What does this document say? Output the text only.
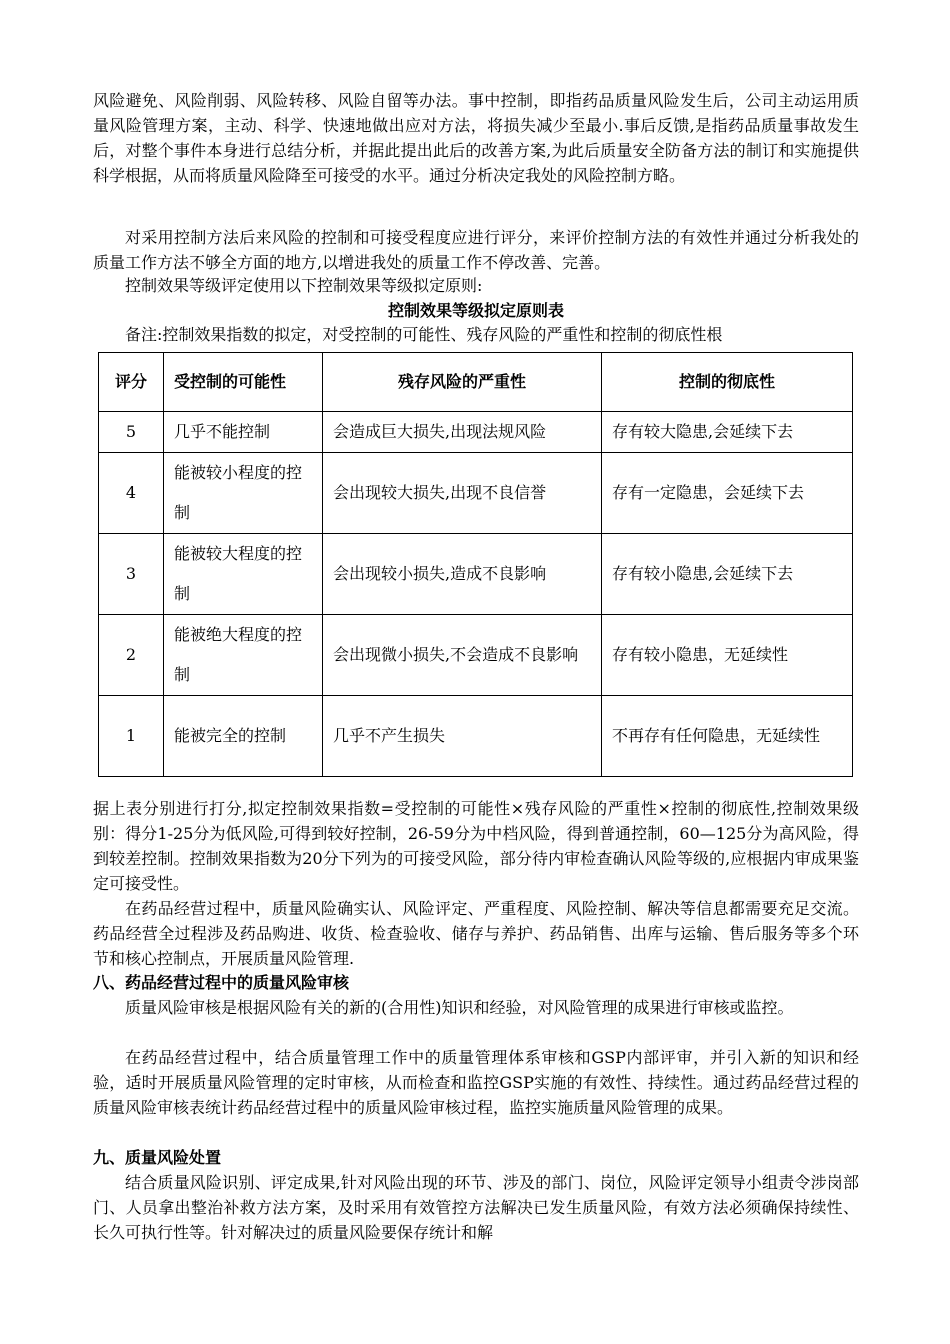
风险避免、风险削弱、风险转移、风险自留等办法。事中控制，即指药品质量风险发生后，公司主动运用质量风险管理方案，主动、科学、快速地做出应对方法，将损失减少至最小.事后反馈,是指药品质量事故发生后，对整个事件本身进行总结分析，并据此提出此后的改善方案,为此后质量安全防备方法的制订和实施提供科学根据，从而将质量风险降至可接受的水平。通过分析决定我处的风险控制方略。

对采用控制方法后来风险的控制和可接受程度应进行评分，来评价控制方法的有效性并通过分析我处的质量工作方法不够全方面的地方,以增进我处的质量工作不停改善、完善。

控制效果等级评定使用以下控制效果等级拟定原则:

控制效果等级拟定原则表

备注:控制效果指数的拟定，对受控制的可能性、残存风险的严重性和控制的彻底性根

评分	受控制的可能性	残存风险的严重性	控制的彻底性
5	几乎不能控制	会造成巨大损失,出现法规风险	存有较大隐患,会延续下去
4	能被较小程度的控制	会出现较大损失,出现不良信誉	存有一定隐患，会延续下去
3	能被较大程度的控制	会出现较小损失,造成不良影响	存有较小隐患,会延续下去
2	能被绝大程度的控制	会出现微小损失,不会造成不良影响	存有较小隐患，无延续性
1	能被完全的控制	几乎不产生损失	不再存有任何隐患，无延续性

据上表分别进行打分,拟定控制效果指数=受控制的可能性×残存风险的严重性×控制的彻底性,控制效果级别：得分1-25分为低风险,可得到较好控制，26-59分为中档风险，得到普通控制，60—125分为高风险，得到较差控制。控制效果指数为20分下列为的可接受风险，部分待内审检查确认风险等级的,应根据内审成果鉴定可接受性。

在药品经营过程中，质量风险确实认、风险评定、严重程度、风险控制、解决等信息都需要充足交流。药品经营全过程涉及药品购进、收货、检查验收、储存与养护、药品销售、出库与运输、售后服务等多个环节和核心控制点，开展质量风险管理.

八、药品经营过程中的质量风险审核

质量风险审核是根据风险有关的新的(合用性)知识和经验，对风险管理的成果进行审核或监控。

在药品经营过程中，结合质量管理工作中的质量管理体系审核和GSP内部评审，并引入新的知识和经验，适时开展质量风险管理的定时审核，从而检查和监控GSP实施的有效性、持续性。通过药品经营过程的质量风险审核表统计药品经营过程中的质量风险审核过程，监控实施质量风险管理的成果。

九、质量风险处置

结合质量风险识别、评定成果,针对风险出现的环节、涉及的部门、岗位，风险评定领导小组责令涉岗部门、人员拿出整治补救方法方案，及时采用有效管控方法解决已发生质量风险，有效方法必须确保持续性、长久可执行性等。针对解决过的质量风险要保存统计和解
